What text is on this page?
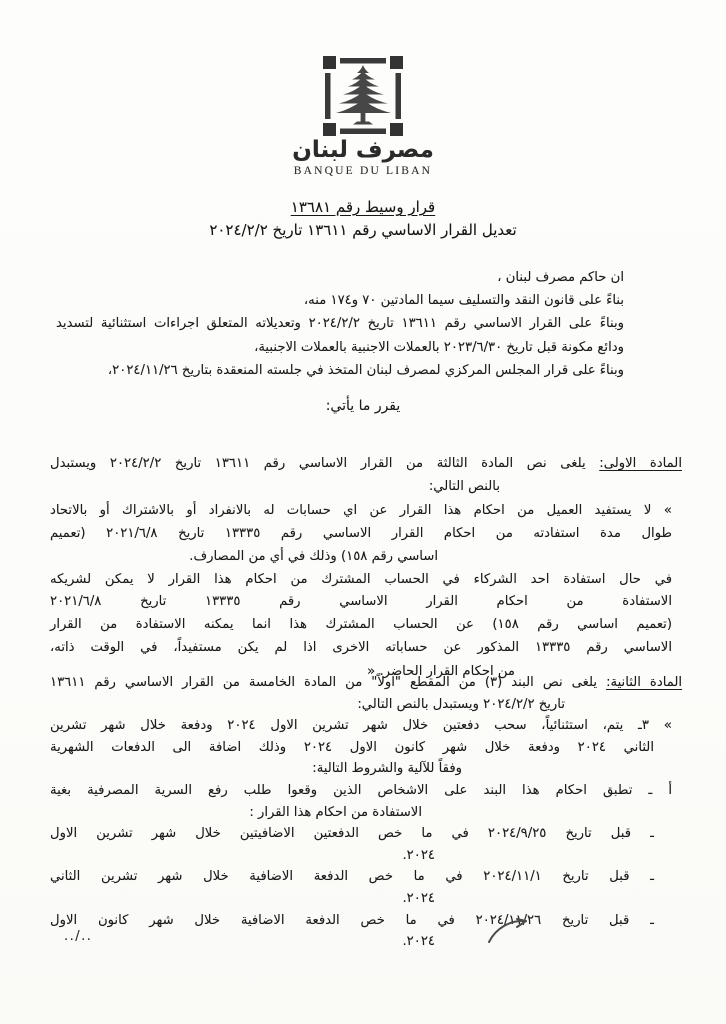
مصرف لبنان
BANQUE DU LIBAN
قرار وسيط رقم ١٣٦٨١
تعديل القرار الاساسي رقم ١٣٦١١ تاريخ ٢٠٢٤/٢/٢
ان حاكم مصرف لبنان ،
بناءً على قانون النقد والتسليف سيما المادتين ٧٠ و١٧٤ منه،
وبناءً على القرار الاساسي رقم ١٣٦١١ تاريخ ٢٠٢٤/٢/٢ وتعديلاته المتعلق اجراءات استثنائية لتسديد
ودائع مكونة قبل تاريخ ٢٠٢٣/٦/٣٠ بالعملات الاجنبية بالعملات الاجنبية،
وبناءً على قرار المجلس المركزي لمصرف لبنان المتخذ في جلسته المنعقدة بتاريخ ٢٠٢٤/١١/٢٦،
يقرر ما يأتي:
المادة الاولى: يلغى نص المادة الثالثة من القرار الاساسي رقم ١٣٦١١ تاريخ ٢٠٢٤/٢/٢ ويستبدل
بالنص التالي:
« لا يستفيد العميل من احكام هذا القرار عن اي حسابات له بالانفراد أو بالاشتراك أو بالاتحاد
طوال مدة استفادته من احكام القرار الاساسي رقم ١٣٣٣٥ تاريخ ٢٠٢١/٦/٨ (تعميم
اساسي رقم ١٥٨) وذلك في أي من المصارف.
في حال استفادة احد الشركاء في الحساب المشترك من احكام هذا القرار لا يمكن لشريكه
الاستفادة من احكام القرار الاساسي رقم ١٣٣٣٥ تاريخ ٢٠٢١/٦/٨
(تعميم اساسي رقم ١٥٨) عن الحساب المشترك هذا انما يمكنه الاستفادة من القرار
الاساسي رقم ١٣٣٣٥ المذكور عن حساباته الاخرى اذا لم يكن مستفيداً، في الوقت ذاته،
من احكام القرار الحاضر. »
المادة الثانية: يلغى نص البند (٣) من المقطع "اولاً" من المادة الخامسة من القرار الاساسي رقم ١٣٦١١
تاريخ ٢٠٢٤/٢/٢ ويستبدل بالنص التالي:
« ٣ـ يتم، استثنائياً، سحب دفعتين خلال شهر تشرين الاول ٢٠٢٤ ودفعة خلال شهر تشرين
الثاني ٢٠٢٤ ودفعة خلال شهر كانون الاول ٢٠٢٤ وذلك اضافة الى الدفعات الشهرية
وفقاً للآلية والشروط التالية:
أ ـ تطبق احكام هذا البند على الاشخاص الذين وقعوا طلب رفع السرية المصرفية بغية
الاستفادة من احكام هذا القرار :
ـ قبل تاريخ ٢٠٢٤/٩/٢٥ في ما خص الدفعتين الاضافيتين خلال شهر تشرين الاول
٢٠٢٤.
ـ قبل تاريخ ٢٠٢٤/١١/١ في ما خص الدفعة الاضافية خلال شهر تشرين الثاني
٢٠٢٤.
ـ قبل تاريخ ٢٠٢٤/١١/٢٦ في ما خص الدفعة الاضافية خلال شهر كانون الاول
٢٠٢٤.
../..
